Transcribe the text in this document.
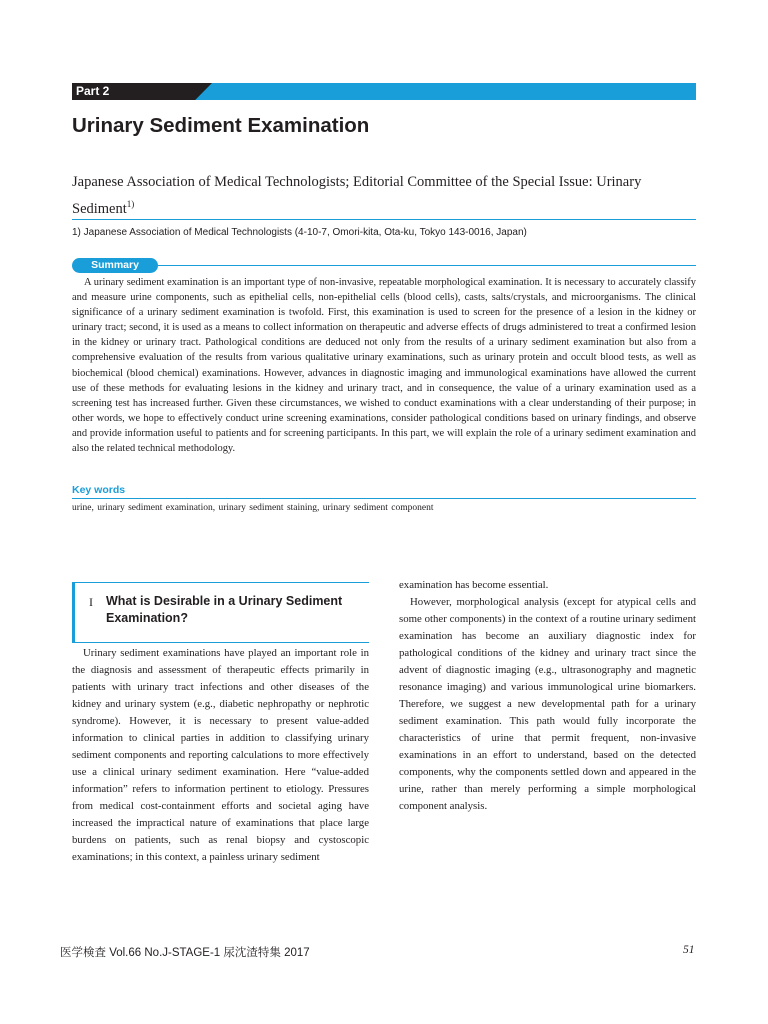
Part 2
Urinary Sediment Examination
Japanese Association of Medical Technologists; Editorial Committee of the Special Issue: Urinary Sediment$^{1)}$
1) Japanese Association of Medical Technologists (4-10-7, Omori-kita, Ota-ku, Tokyo 143-0016, Japan)
Summary
A urinary sediment examination is an important type of non-invasive, repeatable morphological examination. It is necessary to accurately classify and measure urine components, such as epithelial cells, non-epithelial cells (blood cells), casts, salts/crystals, and microorganisms. The clinical significance of a urinary sediment examination is twofold. First, this examination is used to screen for the presence of a lesion in the kidney or urinary tract; second, it is used as a means to collect information on therapeutic and adverse effects of drugs administered to treat a confirmed lesion in the kidney or urinary tract. Pathological conditions are deduced not only from the results of a urinary sediment examination but also from a comprehensive evaluation of the results from various qualitative urinary examinations, such as urinary protein and occult blood tests, as well as biochemical (blood chemical) examinations. However, advances in diagnostic imaging and immunological examinations have allowed the current use of these methods for evaluating lesions in the kidney and urinary tract, and in consequence, the value of a urinary examination used as a screening test has increased further. Given these circumstances, we wished to conduct examinations with a clear understanding of their purpose; in other words, we hope to effectively conduct urine screening examinations, consider pathological conditions based on urinary findings, and observe and provide information useful to patients and for screening participants. In this part, we will explain the role of a urinary sediment examination and also the related technical methodology.
Key words
urine, urinary sediment examination, urinary sediment staining, urinary sediment component
I What is Desirable in a Urinary Sediment Examination?
Urinary sediment examinations have played an important role in the diagnosis and assessment of therapeutic effects primarily in patients with urinary tract infections and other diseases of the kidney and urinary system (e.g., diabetic nephropathy or nephrotic syndrome). However, it is necessary to present value-added information to clinical parties in addition to classifying urinary sediment components and reporting calculations to more effectively use a clinical urinary sediment examination. Here “value-added information” refers to information pertinent to etiology. Pressures from medical cost-containment efforts and societal aging have increased the impractical nature of examinations that place large burdens on patients, such as renal biopsy and cystoscopic examinations; in this context, a painless urinary sediment
examination has become essential.
However, morphological analysis (except for atypical cells and some other components) in the context of a routine urinary sediment examination has become an auxiliary diagnostic index for pathological conditions of the kidney and urinary tract since the advent of diagnostic imaging (e.g., ultrasonography and magnetic resonance imaging) and various immunological urine biomarkers. Therefore, we suggest a new developmental path for a urinary sediment examination. This path would fully incorporate the characteristics of urine that permit frequent, non-invasive examinations in an effort to understand, based on the detected components, why the components settled down and appeared in the urine, rather than merely performing a simple morphological component analysis.
医学検査 Vol.66 No.J-STAGE-1 尿沈渣特集 2017	51
